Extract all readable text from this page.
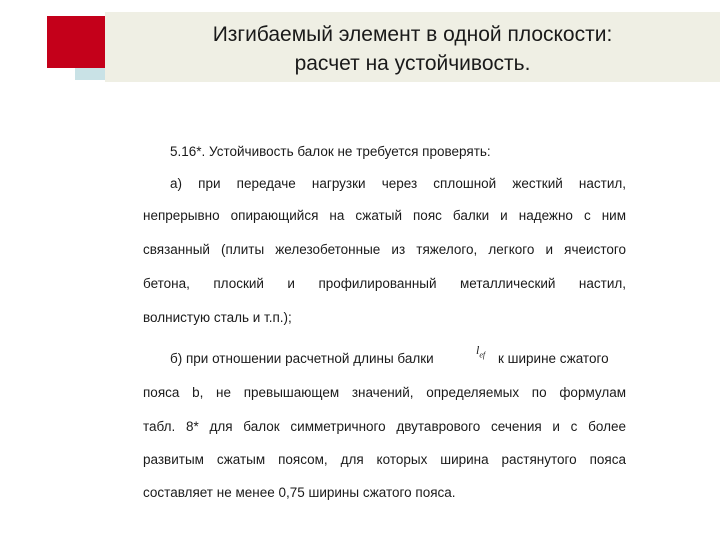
Изгибаемый элемент в одной плоскости:
расчет на устойчивость.
5.16*. Устойчивость балок не требуется проверять:
а) при передаче нагрузки через сплошной жесткий настил,
непрерывно опирающийся на сжатый пояс балки и надежно с ним
связанный (плиты железобетонные из тяжелого, легкого и ячеистого
бетона, плоский и профилированный металлический настил,
волнистую сталь и т.п.);
б) при отношении расчетной длины балки
$l_{ef}$ к ширине сжатого
пояса b, не превышающем значений, определяемых по формулам
табл. 8* для балок симметричного двутаврового сечения и с более
развитым сжатым поясом, для которых ширина растянутого пояса
составляет не менее 0,75 ширины сжатого пояса.
